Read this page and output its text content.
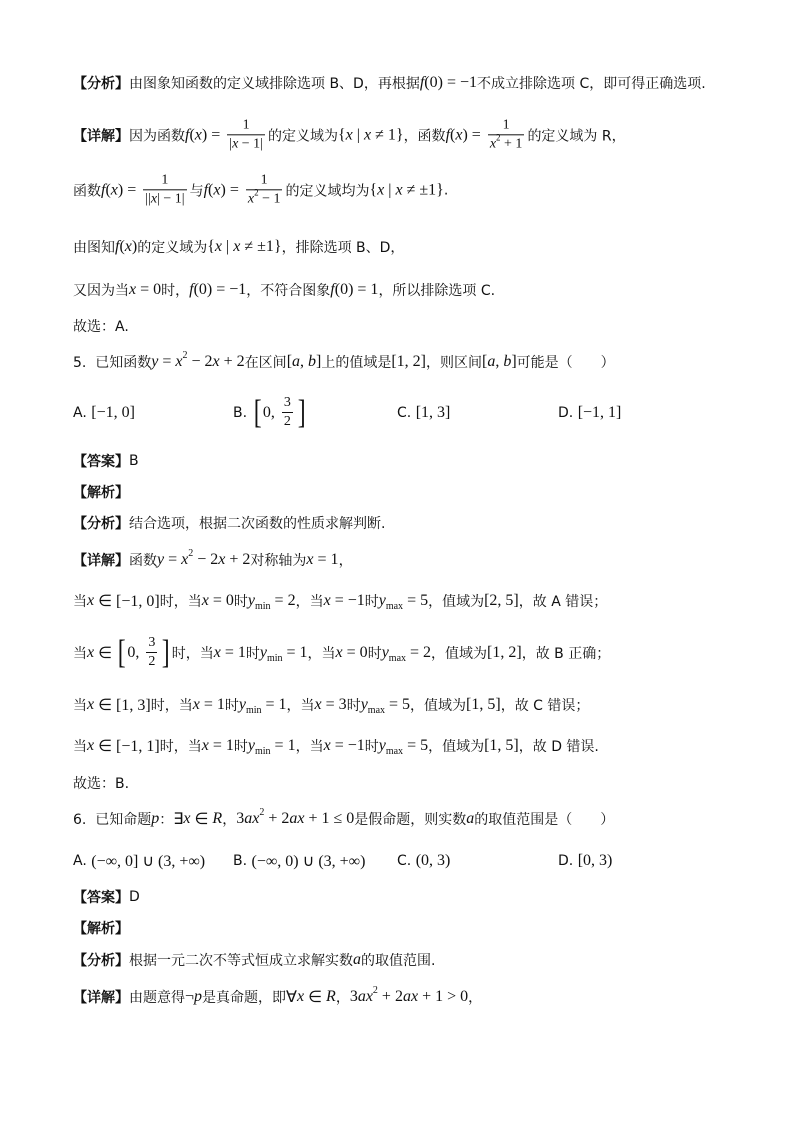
【分析】 由图象知函数的定义域排除选项 B、D，再根据 f (0) = −1 不成立排除选项 C，即可得正确选项.
【详解】 因为函数 f ( x ) = $\frac{1}{| x - 1|}$ 的定义域为 { x | x ≠ 1} ，函数 f ( x ) = $\frac{1}{x 2 + 1}$ 的定义域为 R，
函数 f ( x ) = $\frac{1}{|| x | - 1|}$ 与 f ( x ) = $\frac{1}{x 2 - 1}$ 的定义域均为 { x | x ≠ ±1} .
由图知 f ( x ) 的定义域为 { x | x ≠ ±1} ，排除选项 B、D，
又因为当 x = 0 时， f (0) = −1 ，不符合图象 f (0) = 1 ，所以排除选项 C.
故选：A.
5.  已知函数 y = x 2 − 2 x + 2 在区间 [ a , b ] 上的值域是 [1, 2] ，则区间 [ a , b ] 可能是（　　）
A. [−1, 0]	B. [ 0, $\frac{3}{2}$ ]	C. [1, 3]	D. [−1, 1]
【答案】 B
【解析】
【分析】 结合选项，根据二次函数的性质求解判断.
【详解】 函数 y = x 2 − 2 x + 2 对称轴为 x = 1 ，
当 x ∈ [−1, 0] 时，当 x = 0 时 y min = 2 ，当 x = −1 时 y max = 5 ，值域为 [2, 5] ，故 A 错误；
当 x ∈ [ 0, $\frac{3}{2}$ ] 时，当 x = 1 时 y min = 1 ，当 x = 0 时 y max = 2 ，值域为 [1, 2] ，故 B 正确；
当 x ∈ [1, 3] 时，当 x = 1 时 y min = 1 ，当 x = 3 时 y max = 5 ，值域为 [1, 5] ，故 C 错误；
当 x ∈ [−1, 1] 时，当 x = 1 时 y min = 1 ，当 x = −1 时 y max = 5 ，值域为 [1, 5] ，故 D 错误.
故选：B.
6.  已知命题 p ： ∃ x ∈ R ， 3 ax 2 + 2 ax + 1 ≤ 0 是假命题，则实数 a 的取值范围是（　　）
A. (−∞, 0] ∪ (3, +∞) B. (−∞, 0) ∪ (3, +∞) C. (0, 3)	D. [0, 3)
【答案】 D
【解析】
【分析】 根据一元二次不等式恒成立求解实数 a 的取值范围.
【详解】 由题意得 ¬ p 是真命题，即 ∀ x ∈ R ， 3 ax 2 + 2 ax + 1 > 0 ，
